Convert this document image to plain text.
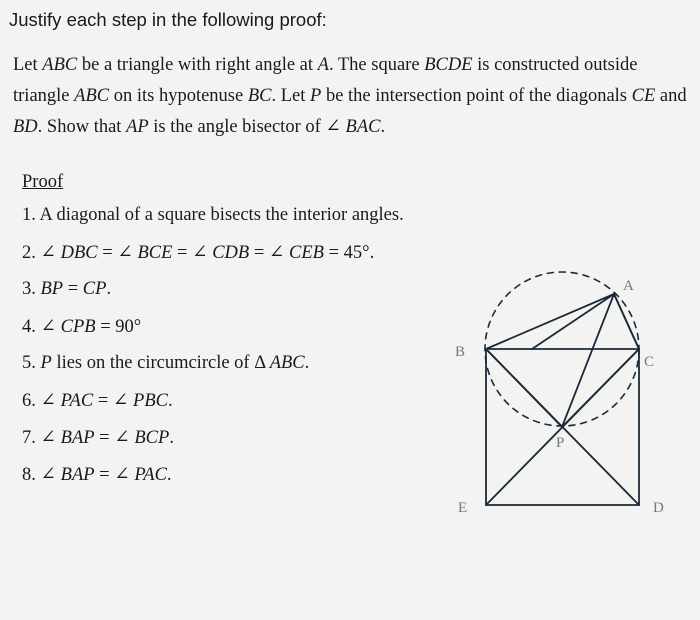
Justify each step in the following proof:

Let ABC be a triangle with right angle at A. The square BCDE is constructed outside triangle ABC on its hypotenuse BC. Let P be the intersection point of the diagonals CE and BD. Show that AP is the angle bisector of ∠ BAC.

Proof
1. A diagonal of a square bisects the interior angles.
2. ∠ DBC = ∠ BCE = ∠ CDB = ∠ CEB = 45°.
3. BP = CP.
4. ∠ CPB = 90°
5. P lies on the circumcircle of Δ ABC.
6. ∠ PAC = ∠ PBC.
7. ∠ BAP = ∠ BCP.
8. ∠ BAP = ∠ PAC.
A
B
C
D
E
P
